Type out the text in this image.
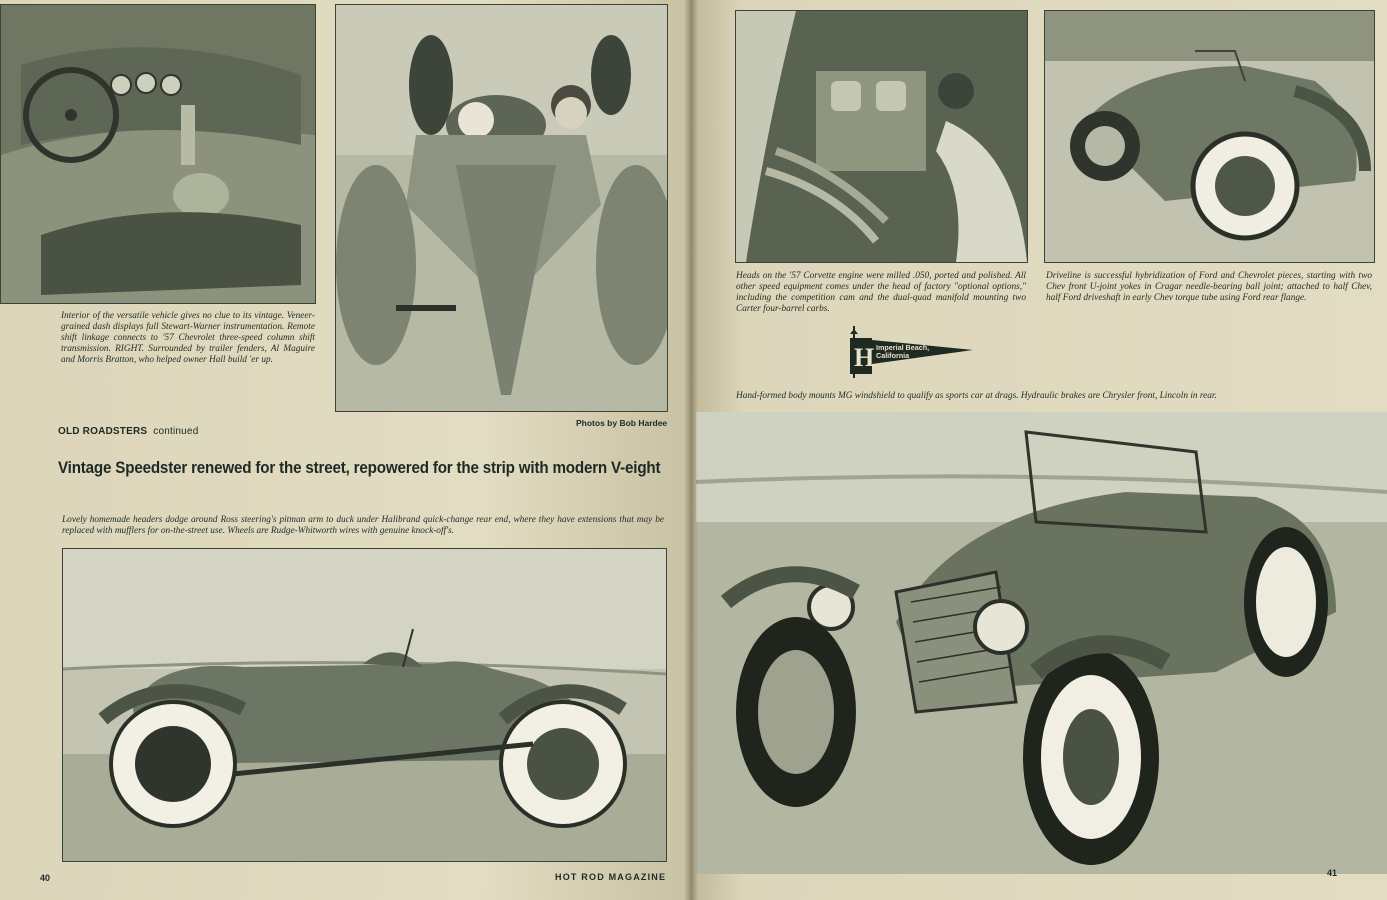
Interior of the versatile vehicle gives no clue to its vintage. Veneer-grained dash displays full Stewart-Warner instrumentation. Remote shift linkage connects to '57 Chevrolet three-speed column shift transmission. RIGHT. Surrounded by trailer fenders, Al Maguire and Morris Bratton, who helped owner Hall build 'er up.
Photos by Bob Hardee
OLD ROADSTERS continued
Vintage Speedster renewed for the street, repowered for the strip with modern V-eight
Lovely homemade headers dodge around Ross steering's pitman arm to duck under Halibrand quick-change rear end, where they have extensions that may be replaced with mufflers for on-the-street use. Wheels are Rudge-Whitworth wires with genuine knock-off's.
40	HOT ROD MAGAZINE
Heads on the '57 Corvette engine were milled .050, ported and polished. All other speed equipment comes under the head of factory "optional options," including the competition cam and the dual-quad manifold mounting two Carter four-barrel carbs.
Driveline is successful hybridization of Ford and Chevrolet pieces, starting with two Chev front U-joint yokes in Cragar needle-bearing ball joint; attached to half Chev, half Ford driveshaft in early Chev torque tube using Ford rear flange.
H Imperial Beach,
California
Hand-formed body mounts MG windshield to qualify as sports car at drags. Hydraulic brakes are Chrysler front, Lincoln in rear.
41
